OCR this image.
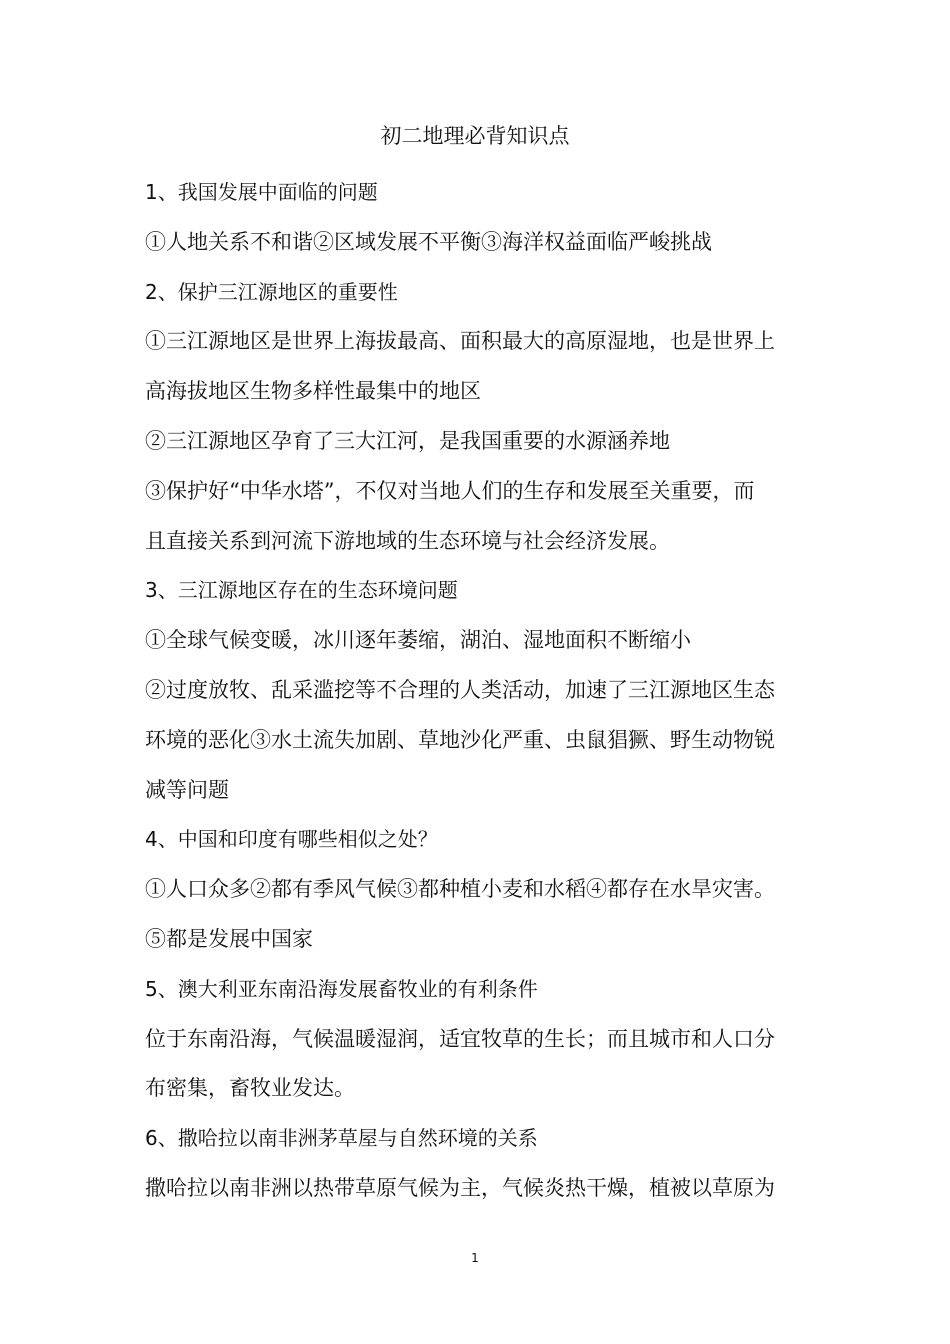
初二地理必背知识点

1、我国发展中面临的问题

①人地关系不和谐②区域发展不平衡③海洋权益面临严峻挑战

2、保护三江源地区的重要性

①三江源地区是世界上海拔最高、面积最大的高原湿地，也是世界上

高海拔地区生物多样性最集中的地区

②三江源地区孕育了三大江河，是我国重要的水源涵养地

③保护好“中华水塔”，不仅对当地人们的生存和发展至关重要，而

且直接关系到河流下游地域的生态环境与社会经济发展。

3、三江源地区存在的生态环境问题

①全球气候变暖，冰川逐年萎缩，湖泊、湿地面积不断缩小

②过度放牧、乱采滥挖等不合理的人类活动，加速了三江源地区生态

环境的恶化③水土流失加剧、草地沙化严重、虫鼠猖獗、野生动物锐

减等问题

4、中国和印度有哪些相似之处？

①人口众多②都有季风气候③都种植小麦和水稻④都存在水旱灾害。

⑤都是发展中国家

5、澳大利亚东南沿海发展畜牧业的有利条件

位于东南沿海，气候温暖湿润，适宜牧草的生长；而且城市和人口分

布密集，畜牧业发达。

6、撒哈拉以南非洲茅草屋与自然环境的关系

撒哈拉以南非洲以热带草原气候为主，气候炎热干燥，植被以草原为

1
